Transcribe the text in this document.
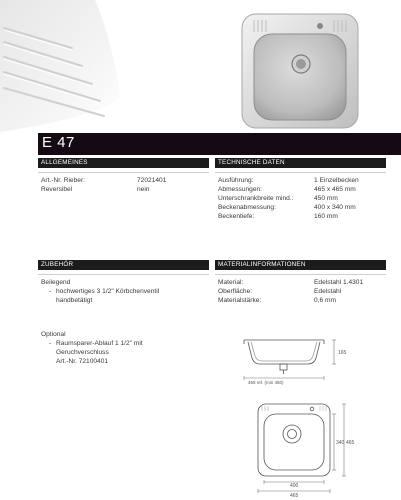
E 47
ALLGEMEINES
Art.-Nr. Rieber:	72021401
Reversibel	nein
TECHNISCHE DATEN
Ausführung:	1 Einzelbecken
Abmessungen:	465 x 465 mm
Unterschrankbreite mind.:	450 mm
Beckenabmessung:	400 x 340 mm
Beckentiefe:	160 mm
ZUBEHÖR
Beilegend
- hochwertiges 3 1/2" Körbchenventil
handbetätigt
Optional
- Raumsparer-Ablauf 1 1/2" mit
Geruchverschluss
Art.-Nr. 72100401
MATERIALINFORMATIONEN
Material:	Edelstahl 1.4301
Oberfläche:	Edelstahl
Materialstärke:	0,6 mm
165
465 ref. (min 450)
340 465
400
465
